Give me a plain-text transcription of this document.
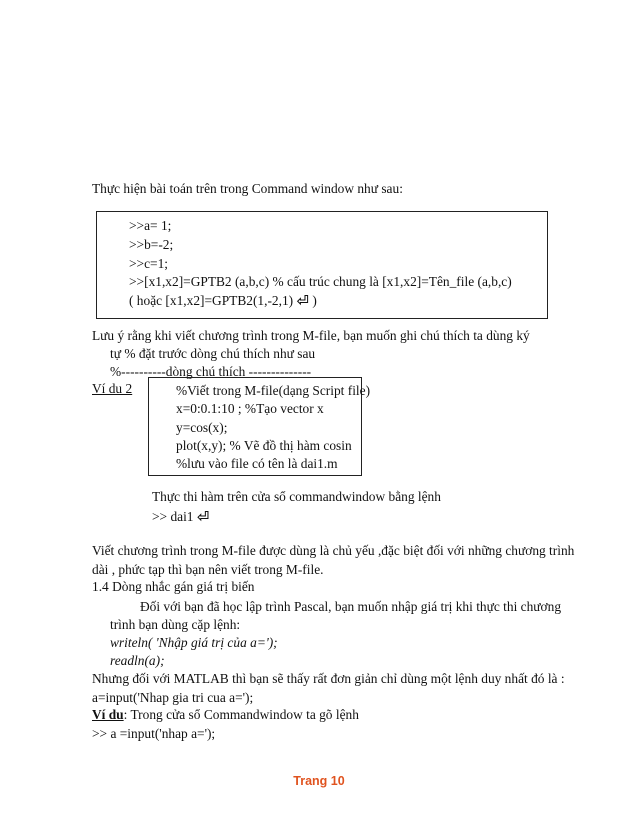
Thực hiện bài toán trên trong Command window như sau:
>>a= 1;
>>b=-2;
>>c=1;
>>[x1,x2]=GPTB2 (a,b,c) % cấu trúc chung là [x1,x2]=Tên_file (a,b,c)
( hoặc [x1,x2]=GPTB2(1,-2,1) ⏎ )
Lưu ý rằng khi viết chương trình trong M-file, bạn muốn ghi chú thích ta dùng ký
tự % đặt trước dòng chú thích như sau
%----------dòng chú thích --------------
Ví du 2	%Viết trong M-file(dạng Script file)
x=0:0.1:10 ; %Tạo vector x
y=cos(x);
plot(x,y); % Vẽ đồ thị hàm cosin
%lưu vào file có tên là dai1.m
Thực thi hàm trên cửa sổ commandwindow bằng lệnh
>> dai1 ⏎
Viết chương trình trong M-file được dùng là chủ yếu ,đặc biệt đối với những chương trình
dài , phức tạp thì bạn nên viết trong M-file.
1.4 Dòng nhắc gán giá trị biến
Đối với bạn đã học lập trình Pascal, bạn muốn nhập giá trị khi thực thi chương
trình bạn dùng cặp lệnh:
writeln( 'Nhập giá trị của a=');
readln(a);
Nhưng đối với MATLAB thì bạn sẽ thấy rất đơn giản chỉ dùng một lệnh duy nhất đó là :
a=input('Nhap gia tri cua a=');
Ví du: Trong cửa sổ Commandwindow ta gõ lệnh
>> a =input('nhap a=');
Trang 10
